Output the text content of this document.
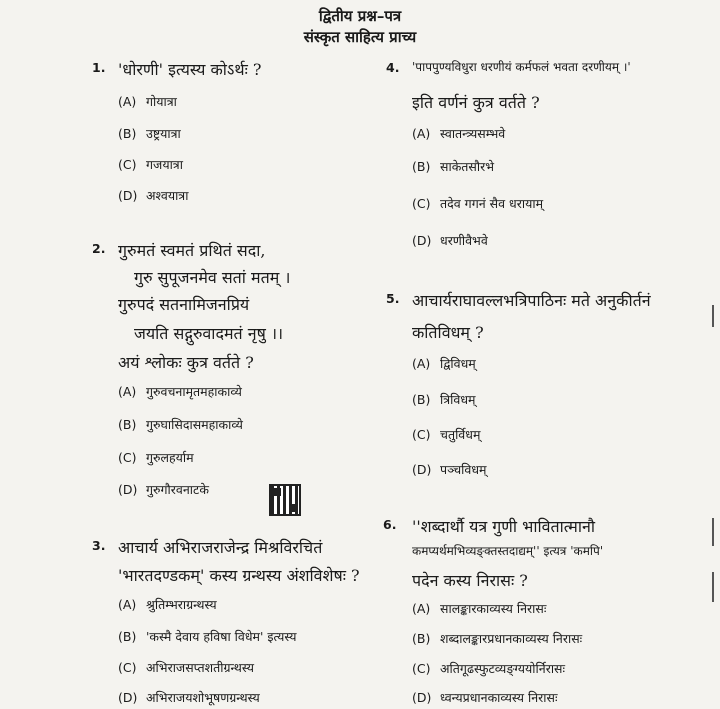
द्वितीय प्रश्न–पत्र
संस्कृत साहित्य प्राच्य
1. 'धोरणी' इत्यस्य कोऽर्थः ?
(A) गोयात्रा
(B) उष्ट्रयात्रा
(C) गजयात्रा
(D) अश्वयात्रा
2. गुरुमतं स्वमतं प्रथितं सदा,
गुरु सुपूजनमेव सतां मतम् ।
गुरुपदं सतनामिजनप्रियं
जयति सद्गुरुवादमतं नृषु ।।
अयं श्लोकः कुत्र वर्तते ?
(A) गुरुवचनामृतमहाकाव्ये
(B) गुरुघासिदासमहाकाव्ये
(C) गुरुलहर्याम
(D) गुरुगौरवनाटके
3. आचार्य अभिराजराजेन्द्र मिश्रविरचितं
'भारतदण्डकम्' कस्य ग्रन्थस्य अंशविशेषः ?
(A) श्रुतिम्भराग्रन्थस्य
(B) 'कस्मै देवाय हविषा विधेम' इत्यस्य
(C) अभिराजसप्तशतीग्रन्थस्य
(D) अभिराजयशोभूषणग्रन्थस्य
4. 'पापपुण्यविधुरा धरणीयं कर्मफलं भवता दरणीयम् ।'
इति वर्णनं कुत्र वर्तते ?
(A) स्वातन्त्र्यसम्भवे
(B) साकेतसौरभे
(C) तदेव गगनं सैव धरायाम्
(D) धरणीवैभवे
5. आचार्यराघावल्लभत्रिपाठिनः मते अनुकीर्तनं
कतिविधम् ?
(A) द्विविधम्
(B) त्रिविधम्
(C) चतुर्विधम्
(D) पञ्चविधम्
6. ''शब्दार्थौ यत्र गुणी भावितात्मानौ
कमप्यर्थमभिव्यङ्क्तस्तदाद्यम्'' इत्यत्र 'कमपि'
पदेन कस्य निरासः ?
(A) सालङ्कारकाव्यस्य निरासः
(B) शब्दालङ्कारप्रधानकाव्यस्य निरासः
(C) अतिगूढस्फुटव्यङ्ग्ययोर्निरासः
(D) ध्वन्यप्रधानकाव्यस्य निरासः
